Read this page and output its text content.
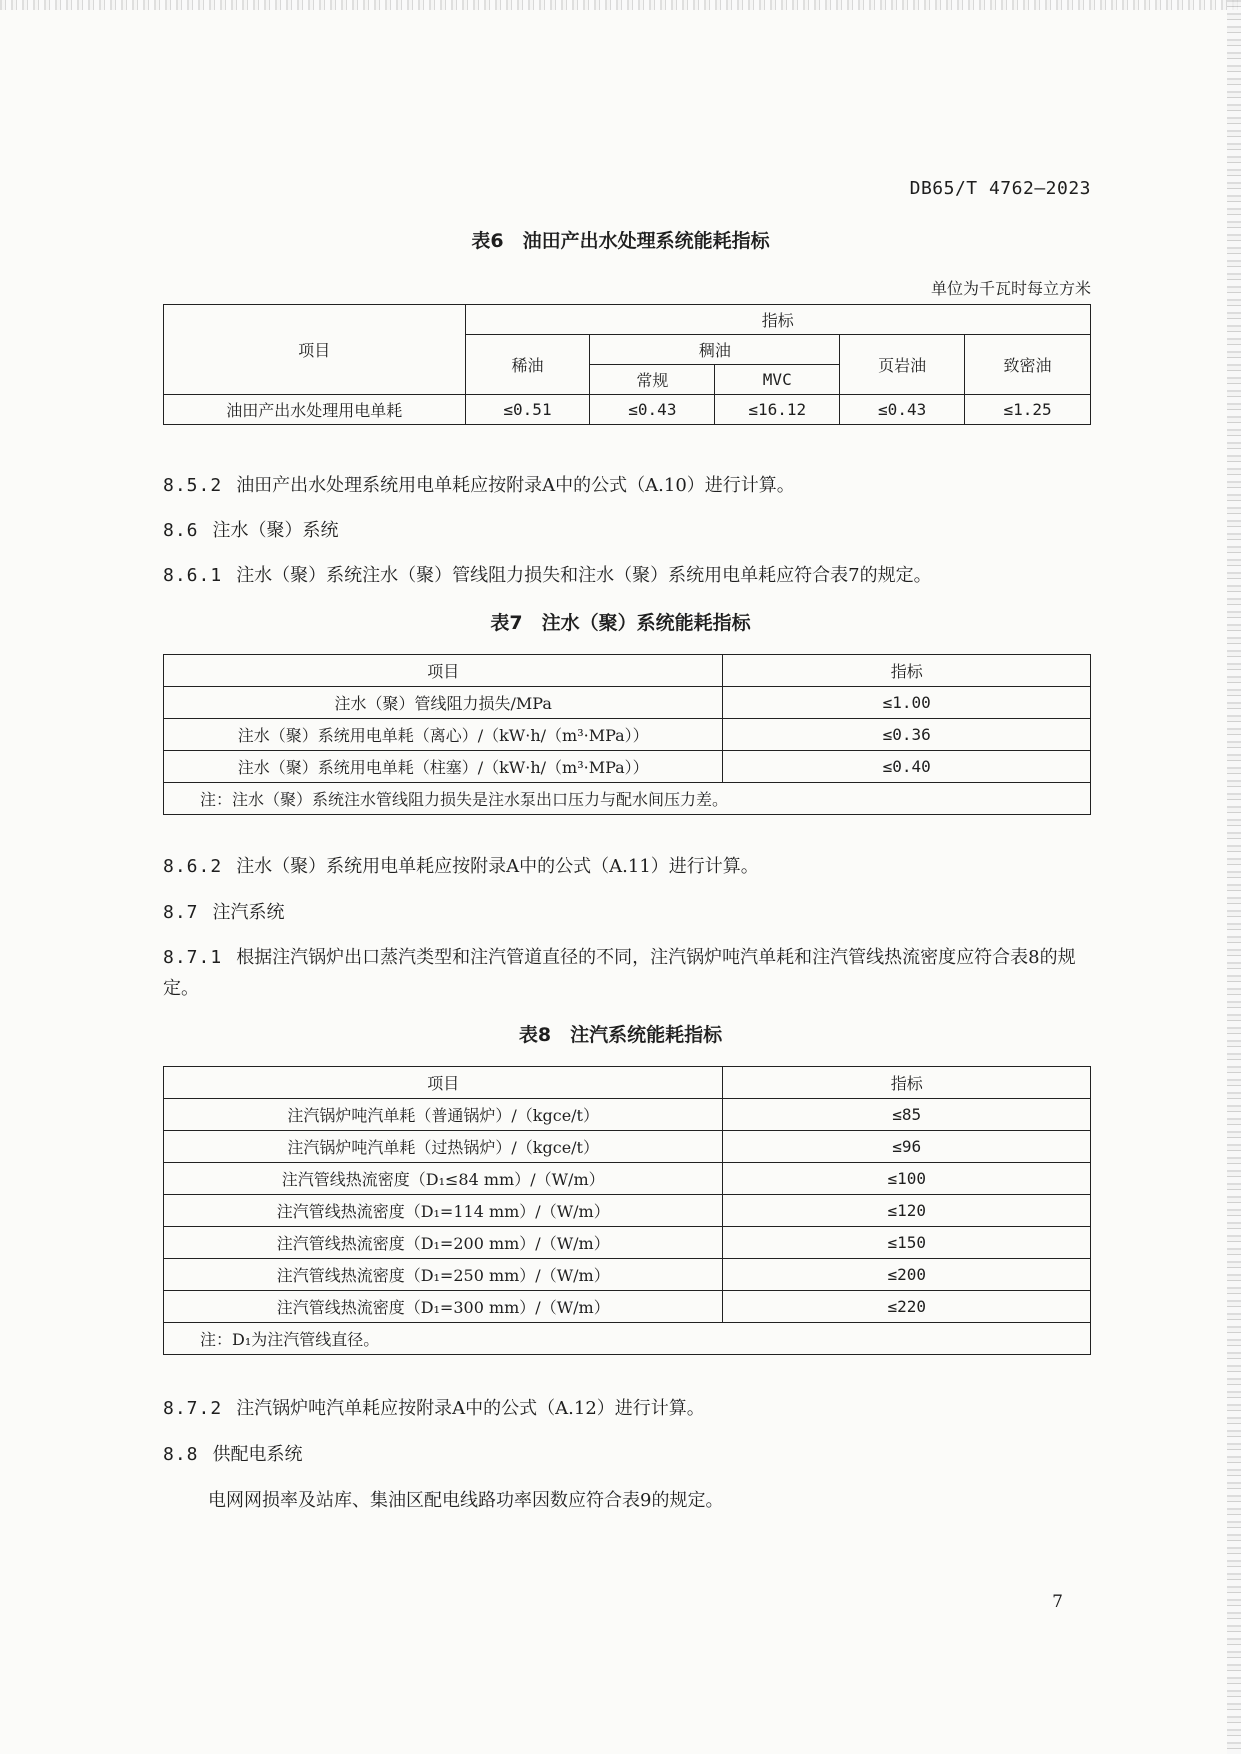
DB65/T 4762—2023
表6　油田产出水处理系统能耗指标
单位为千瓦时每立方米
项目	指标				
	稀油	稠油		页岩油	致密油
		常规	MVC		
油田产出水处理用电单耗	≤0.51	≤0.43	≤16.12	≤0.43	≤1.25
8.5.2 油田产出水处理系统用电单耗应按附录A中的公式（A.10）进行计算。
8.6 注水（聚）系统
8.6.1 注水（聚）系统注水（聚）管线阻力损失和注水（聚）系统用电单耗应符合表7的规定。
表7　注水（聚）系统能耗指标
项目	指标
注水（聚）管线阻力损失/MPa	≤1.00
注水（聚）系统用电单耗（离心）/（kW·h/（m³·MPa））	≤0.36
注水（聚）系统用电单耗（柱塞）/（kW·h/（m³·MPa））	≤0.40
注：注水（聚）系统注水管线阻力损失是注水泵出口压力与配水间压力差。	
8.6.2 注水（聚）系统用电单耗应按附录A中的公式（A.11）进行计算。
8.7 注汽系统
8.7.1 根据注汽锅炉出口蒸汽类型和注汽管道直径的不同，注汽锅炉吨汽单耗和注汽管线热流密度应符合表8的规定。
表8　注汽系统能耗指标
项目	指标
注汽锅炉吨汽单耗（普通锅炉）/（kgce/t）	≤85
注汽锅炉吨汽单耗（过热锅炉）/（kgce/t）	≤96
注汽管线热流密度（D₁≤84 mm）/（W/m）	≤100
注汽管线热流密度（D₁=114 mm）/（W/m）	≤120
注汽管线热流密度（D₁=200 mm）/（W/m）	≤150
注汽管线热流密度（D₁=250 mm）/（W/m）	≤200
注汽管线热流密度（D₁=300 mm）/（W/m）	≤220
注：D₁为注汽管线直径。	
8.7.2 注汽锅炉吨汽单耗应按附录A中的公式（A.12）进行计算。
8.8 供配电系统
电网网损率及站库、集油区配电线路功率因数应符合表9的规定。
7
